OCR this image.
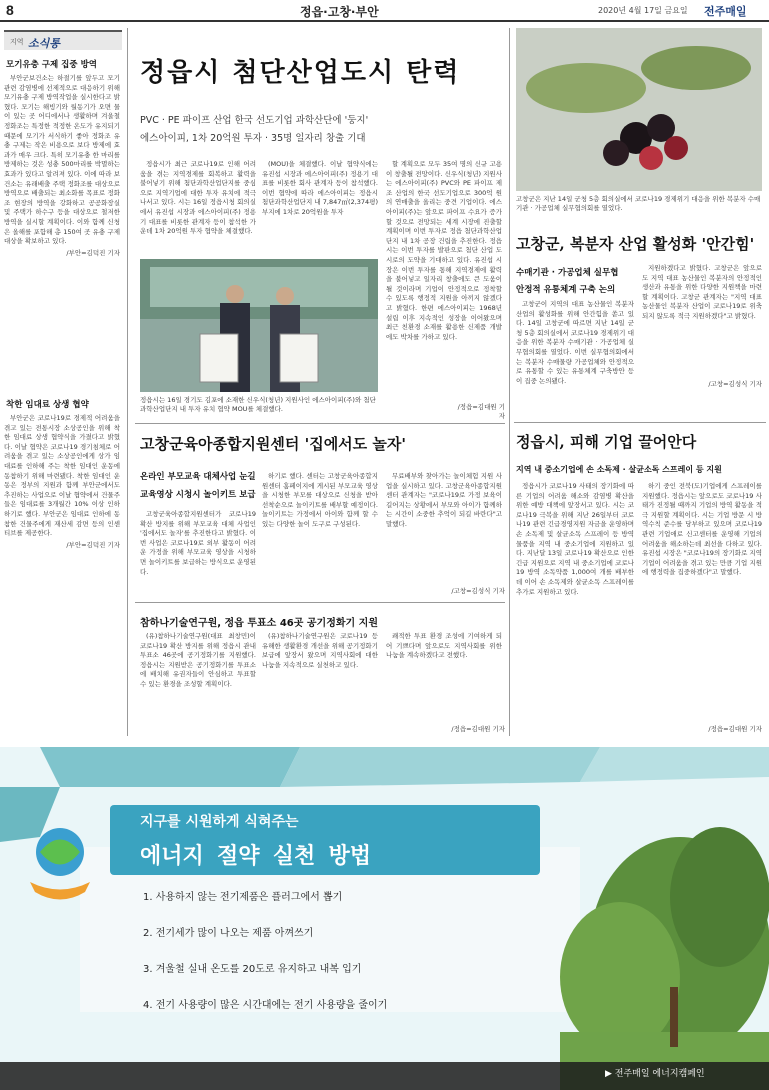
8	정읍·고창·부안	2020년 4월 17일 금요일 전주매일
지역 소식통
모기유충 구제 집중 방역

부안군보건소는 하절기를 앞두고 모기 관련 감염병에 선제적으로 대응하기 위해 모기유충 구제 방역작업을 실시한다고 밝혔다. 모기는 해빙기와 월동기가 오면 물이 있는 곳 어디에서나 생활하며 겨울철 정화조는 특정한 적정한 온도가 유지되기 때문에 모기가 서식하기 좋아 정화조 유충 구제는 작은 비용으로 보다 방제에 효과가 매우 크다. 특히 모기유충 한 마리를 방제하는 것은 성충 500마리를 박멸하는 효과가 있다고 알려져 있다. 이에 따라 보건소는 유래배출 주택 정화조를 대상으로 방역으로 배출되는 최소화를 목표로 정화조 현장의 방역을 강화하고 공공화장실 및 주택가 하수구 등을 대상으로 철저한 방역을 실시할 계획이다. 이와 함께 신청은 올해를 포함해 총 150여 곳 유충 구제 대상을 확보하고 있다.

/부안=김덕진 기자
착한 임대료 상생 협약

부안군은 코로나19로 경제적 어려움을 겪고 있는 전통시장 소상공인을 위해 착한 임대료 상생 협약식을 가졌다고 밝혔다. 이날 협약은 코로나19 경기침체로 어려움을 겪고 있는 소상공인에게 상가 임대료를 인하해 주는 착한 임대인 운동에 동참하기 위해 마련됐다. 착한 임대인 운동은 정부의 지원과 함께 부안군에서도 추진하는 사업으로 이날 협약에서 건물주들은 임대료를 3개월간 10% 이상 인하하기로 했다. 부안군은 임대료 인하에 동참한 건물주에게 재산세 감면 등의 인센티브를 제공한다.

/부안=김덕진 기자
정읍시 첨단산업도시 탄력
PVC · PE 파이프 산업 한국 선도기업 과학산단에 '둥지'
에스아이피, 1차 20억원 투자 · 35명 일자리 창출 기대

정읍시가 최근 코로나19로 인해 어려움을 겪는 지역경제를 회복하고 활력을 불어넣기 위해 첨단과학산업단지를 중심으로 지역기업에 대한 투자 유치에 적극 나서고 있다. 시는 16일 정읍시청 회의실에서 유진섭 시장과 에스아이피(주) 정용기 대표를 비롯한 관계자 등이 참석한 가운데 1차 20억원 투자 협약을 체결했다.

(MOU)을 체결했다. 이날 협약식에는 유진섭 시장과 에스아이피(주) 정용기 대표를 비롯한 회사 관계자 등이 참석했다. 이번 협약에 따라 에스아이피는 정읍시 첨단과학산업단지 내 7,847㎡(2,374평) 부지에 1차로 20억원을 투자

할 계획으로 모두 35여 명의 신규 고용이 창출될 전망이다. 신우식(청년) 지원사는 에스아이피(주) PVC와 PE 파이프 제조 산업의 한국 선도기업으로 300억 원의 연매출을 올리는 중견 기업이다. 에스아이피(주)는 앞으로 파이프 수요가 증가할 것으로 전망되는 세계 시장에 진출할 계획이며 이번 투자로 정읍 첨단과학산업단지 내 1차 공장 건립을 추진한다. 정읍시는 이번 투자를 발판으로 첨단 산업 도시로의 도약을 기대하고 있다. 유진섭 시장은 이번 투자를 통해 지역경제에 활력을 불어넣고 일자리 창출에도 큰 도움이 될 것이라며 기업이 안정적으로 정착할 수 있도록 행정적 지원을 아끼지 않겠다고 밝혔다. 한편 에스아이피는 1968년 설립 이후 지속적인 성장을 이어왔으며 최근 친환경 소재를 활용한 신제품 개발에도 박차를 가하고 있다.

/정읍=김대원 기자
정읍시는 16일 경기도 김포에 소재한 신우식(청년) 지원사인 에스아이피(주)와 첨단과학산업단지 내 투자 유치 협약 MOU를 체결했다.
고창군육아종합지원센터 '집에서도 놀자'
온라인 부모교육 대체사업 눈길
교육영상 시청시 놀이키트 보급

고창군육아종합지원센터가 코로나19 확산 방지를 위해 부모교육 대체 사업인 '집에서도 놀자'를 추진한다고 밝혔다. 이번 사업은 코로나19로 외부 활동이 어려운 가정을 위해 부모교육 영상을 시청하면 놀이키트를 보급하는 방식으로 운영된다.

하기로 했다. 센터는 고창군육아종합지원센터 홈페이지에 게시된 부모교육 영상을 시청한 부모를 대상으로 신청을 받아 선착순으로 놀이키트를 배부할 예정이다. 놀이키트는 가정에서 아이와 함께 할 수 있는 다양한 놀이 도구로 구성된다.

무료배부와 찾아가는 놀이체험 지원 사업을 실시하고 있다. 고창군육아종합지원센터 관계자는 "코로나19로 가정 보육이 길어지는 상황에서 부모와 아이가 함께하는 시간이 소중한 추억이 되길 바란다"고 말했다.

/고창=김성식 기자
참하나기술연구원, 정읍 투표소 46곳 공기정화기 지원

(유)참하나기술연구원(대표 최창민)이 코로나19 확산 방지를 위해 정읍시 관내 투표소 46곳에 공기정화기를 지원했다. 정읍시는 지원받은 공기정화기를 투표소에 배치해 유권자들이 안심하고 투표할 수 있는 환경을 조성할 계획이다.

(유)참하나기술연구원은 코로나19 등 유해한 생활환경 개선을 위해 공기정화기 보급에 앞장서 왔으며 지역사회에 대한 나눔을 지속적으로 실천하고 있다.

쾌적한 투표 환경 조성에 기여하게 되어 기쁘다며 앞으로도 지역사회를 위한 나눔을 계속하겠다고 전했다.

/정읍=김대원 기자
고창군은 지난 14일 군청 5층 회의실에서 코로나19 경제위기 대응을 위한 복분자 수매기관 · 가공업체 실무협의회를 열었다.
고창군, 복분자 산업 활성화 '안간힘'
수매기관 · 가공업체 실무협
안정적 유통체계 구축 논의

고창군이 지역의 대표 농산물인 복분자 산업의 활성화를 위해 안간힘을 쏟고 있다. 14일 고창군에 따르면 지난 14일 군청 5층 회의실에서 코로나19 경제위기 대응을 위한 복분자 수매기관 · 가공업체 실무협의회를 열었다. 이번 실무협의회에서는 복분자 수매물량 가공업체와 안정적으로 유통할 수 있는 유통체계 구축방안 등이 집중 논의됐다.

지원하겠다고 밝혔다. 고창군은 앞으로도 지역 대표 농산물인 복분자의 안정적인 생산과 유통을 위한 다양한 지원책을 마련할 계획이다. 고창군 관계자는 "지역 대표 농산물인 복분자 산업이 코로나19로 위축되지 않도록 적극 지원하겠다"고 밝혔다.

/고창=김성식 기자
정읍시, 피해 기업 끌어안다
지역 내 중소기업에 손 소독제 · 살균소독 스프레이 등 지원

정읍시가 코로나19 사태의 장기화에 따른 기업의 어려움 해소와 감염병 확산을 위한 예방 대책에 앞장서고 있다. 시는 코로나19 극복을 위해 지난 26일부터 코로나19 관련 긴급경영지원 자금을 운영하며 손 소독제 및 살균소독 스프레이 등 방역물품을 지역 내 중소기업에 지원하고 있다. 지난달 13일 코로나19 확산으로 인한 긴급 지원으로 지역 내 중소기업에 코로나19 방역 소독약품 1,000여 개를 배부한 데 이어 손 소독제와 살균소독 스프레이를 추가로 지원하고 있다.

하기 중인 전북(도)기업에게 스프레이를 지원했다. 정읍시는 앞으로도 코로나19 사태가 진정될 때까지 기업의 방역 활동을 적극 지원할 계획이다. 시는 기업 방문 시 방역수칙 준수를 당부하고 있으며 코로나19 관련 기업애로 신고센터를 운영해 기업의 어려움을 해소하는데 최선을 다하고 있다. 유진섭 시장은 "코로나19의 장기화로 지역 기업이 어려움을 겪고 있는 만큼 기업 지원에 행정력을 집중하겠다"고 말했다.

/정읍=김대원 기자
지구를 시원하게 식혀주는
에너지 절약 실천 방법
1. 사용하지 않는 전기제품은 플러그에서 뽑기
2. 전기세가 많이 나오는 제품 아껴쓰기
3. 겨울철 실내 온도를 20도로 유지하고 내복 입기
4. 전기 사용량이 많은 시간대에는 전기 사용량을 줄이기
▶ 전주매일 에너지캠페인
